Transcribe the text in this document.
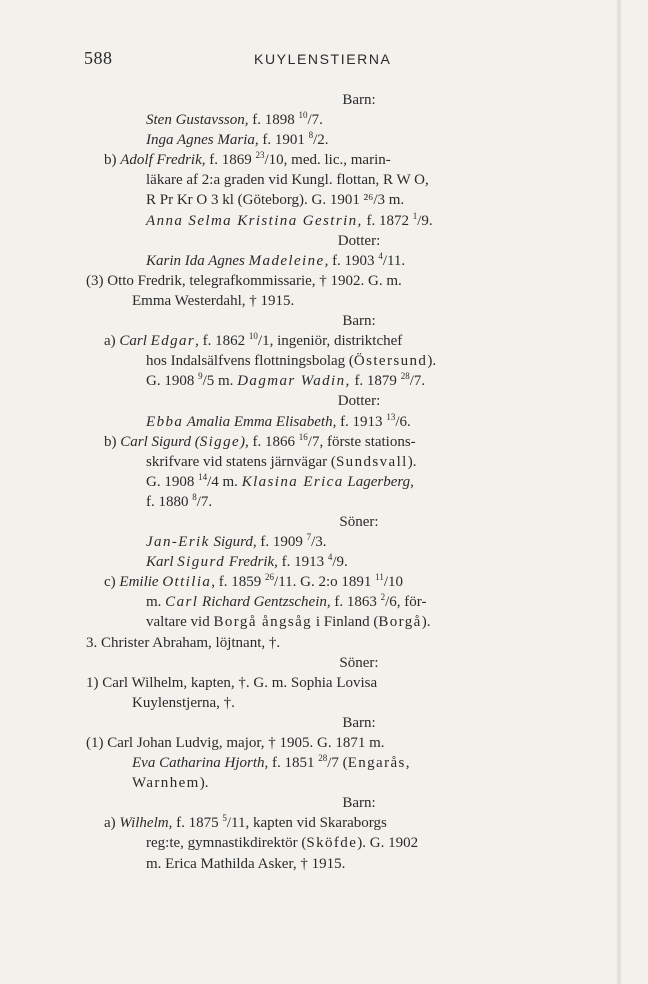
588	KUYLENSTIERNA
Barn:
Sten Gustavsson, f. 1898 $^{10}$/7.
Inga Agnes Maria, f. 1901 $^8$/2.
b) Adolf Fredrik, f. 1869 $^{23}$/10, med. lic., marin-
läkare af 2:a graden vid Kungl. flottan, R W O,
R Pr Kr O 3 kl (Göteborg). G. 1901 ²⁶/3 m.
Anna Selma Kristina Gestrin, f. 1872 $^1$/9.
Dotter:
Karin Ida Agnes Madeleine, f. 1903 $^4$/11.
(3) Otto Fredrik, telegrafkommissarie, † 1902. G. m.
Emma Westerdahl, † 1915.
Barn:
a) Carl Edgar, f. 1862 $^{10}$/1, ingeniör, distriktchef
hos Indalsälfvens flottningsbolag (Östersund).
G. 1908 $^9$/5 m. Dagmar Wadin, f. 1879 $^{28}$/7.
Dotter:
Ebba Amalia Emma Elisabeth, f. 1913 $^{13}$/6.
b) Carl Sigurd (Sigge), f. 1866 $^{16}$/7, förste stations-
skrifvare vid statens järnvägar (Sundsvall).
G. 1908 $^{14}$/4 m. Klasina Erica Lagerberg,
f. 1880 $^8$/7.
Söner:
Jan-Erik Sigurd, f. 1909 $^7$/3.
Karl Sigurd Fredrik, f. 1913 $^4$/9.
c) Emilie Ottilia, f. 1859 $^{26}$/11. G. 2:o 1891 $^{11}$/10
m. Carl Richard Gentzschein, f. 1863 $^2$/6, för-
valtare vid Borgå ångsåg i Finland (Borgå).
3. Christer Abraham, löjtnant, †.
Söner:
1) Carl Wilhelm, kapten, †. G. m. Sophia Lovisa
Kuylenstjerna, †.
Barn:
(1) Carl Johan Ludvig, major, † 1905. G. 1871 m.
Eva Catharina Hjorth, f. 1851 $^{28}$/7 (Engarås,
Warnhem).
Barn:
a) Wilhelm, f. 1875 $^5$/11, kapten vid Skaraborgs
reg:te, gymnastikdirektör (Sköfde). G. 1902
m. Erica Mathilda Asker, † 1915.
